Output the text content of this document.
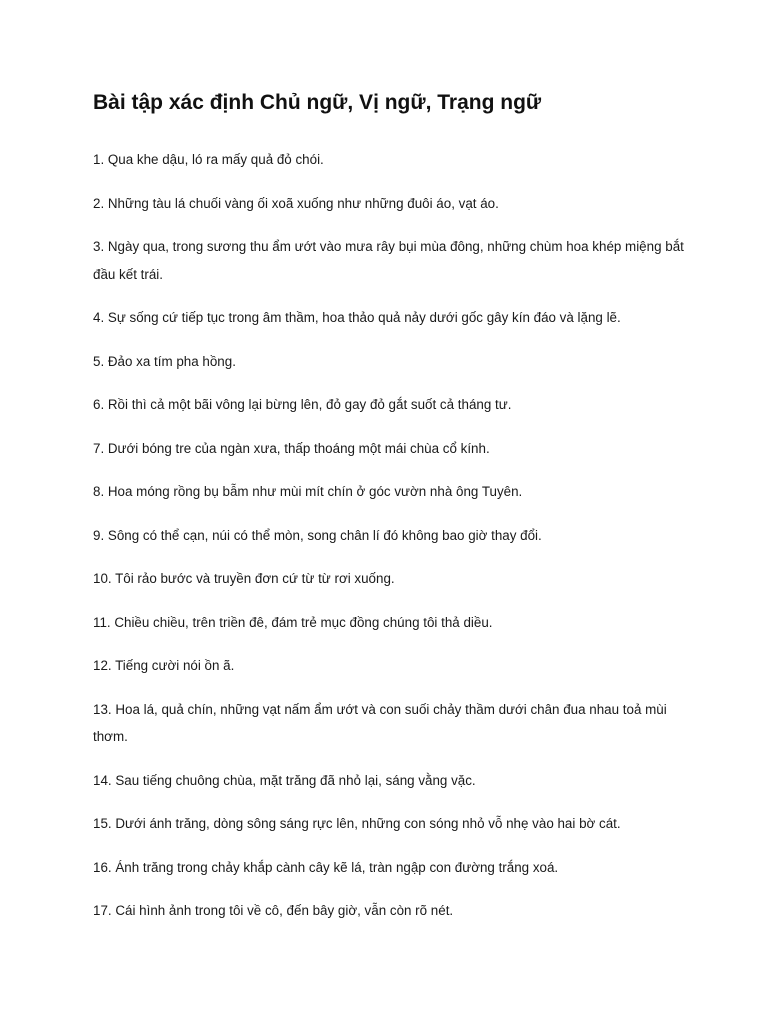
Bài tập xác định Chủ ngữ, Vị ngữ, Trạng ngữ
1. Qua khe dậu, ló ra mấy quả đỏ chói.
2. Những tàu lá chuối vàng ối xoã xuống như những đuôi áo, vạt áo.
3. Ngày qua, trong sương thu ẩm ướt vào mưa rây bụi mùa đông, những chùm hoa khép miệng bắt đầu kết trái.
4. Sự sống cứ tiếp tục trong âm thầm, hoa thảo quả nảy dưới gốc gây kín đáo và lặng lẽ.
5. Đảo xa tím pha hồng.
6. Rồi thì cả một bãi vông lại bừng lên, đỏ gay đỏ gắt suốt cả tháng tư.
7. Dưới bóng tre của ngàn xưa, thấp thoáng một mái chùa cổ kính.
8. Hoa móng rồng bụ bẫm như mùi mít chín ở góc vườn nhà ông Tuyên.
9. Sông có thể cạn, núi có thể mòn, song chân lí đó không bao giờ thay đổi.
10. Tôi rảo bước và truyền đơn cứ từ từ rơi xuống.
11. Chiều chiều, trên triền đê, đám trẻ mục đồng chúng tôi thả diều.
12. Tiếng cười nói ồn ã.
13. Hoa lá, quả chín, những vạt nấm ẩm ướt và con suối chảy thầm dưới chân đua nhau toả mùi thơm.
14. Sau tiếng chuông chùa, mặt trăng đã nhỏ lại, sáng vằng vặc.
15. Dưới ánh trăng, dòng sông sáng rực lên, những con sóng nhỏ vỗ nhẹ vào hai bờ cát.
16. Ánh trăng trong chảy khắp cành cây kẽ lá, tràn ngập con đường trắng xoá.
17. Cái hình ảnh trong tôi về cô, đến bây giờ, vẫn còn rõ nét.
